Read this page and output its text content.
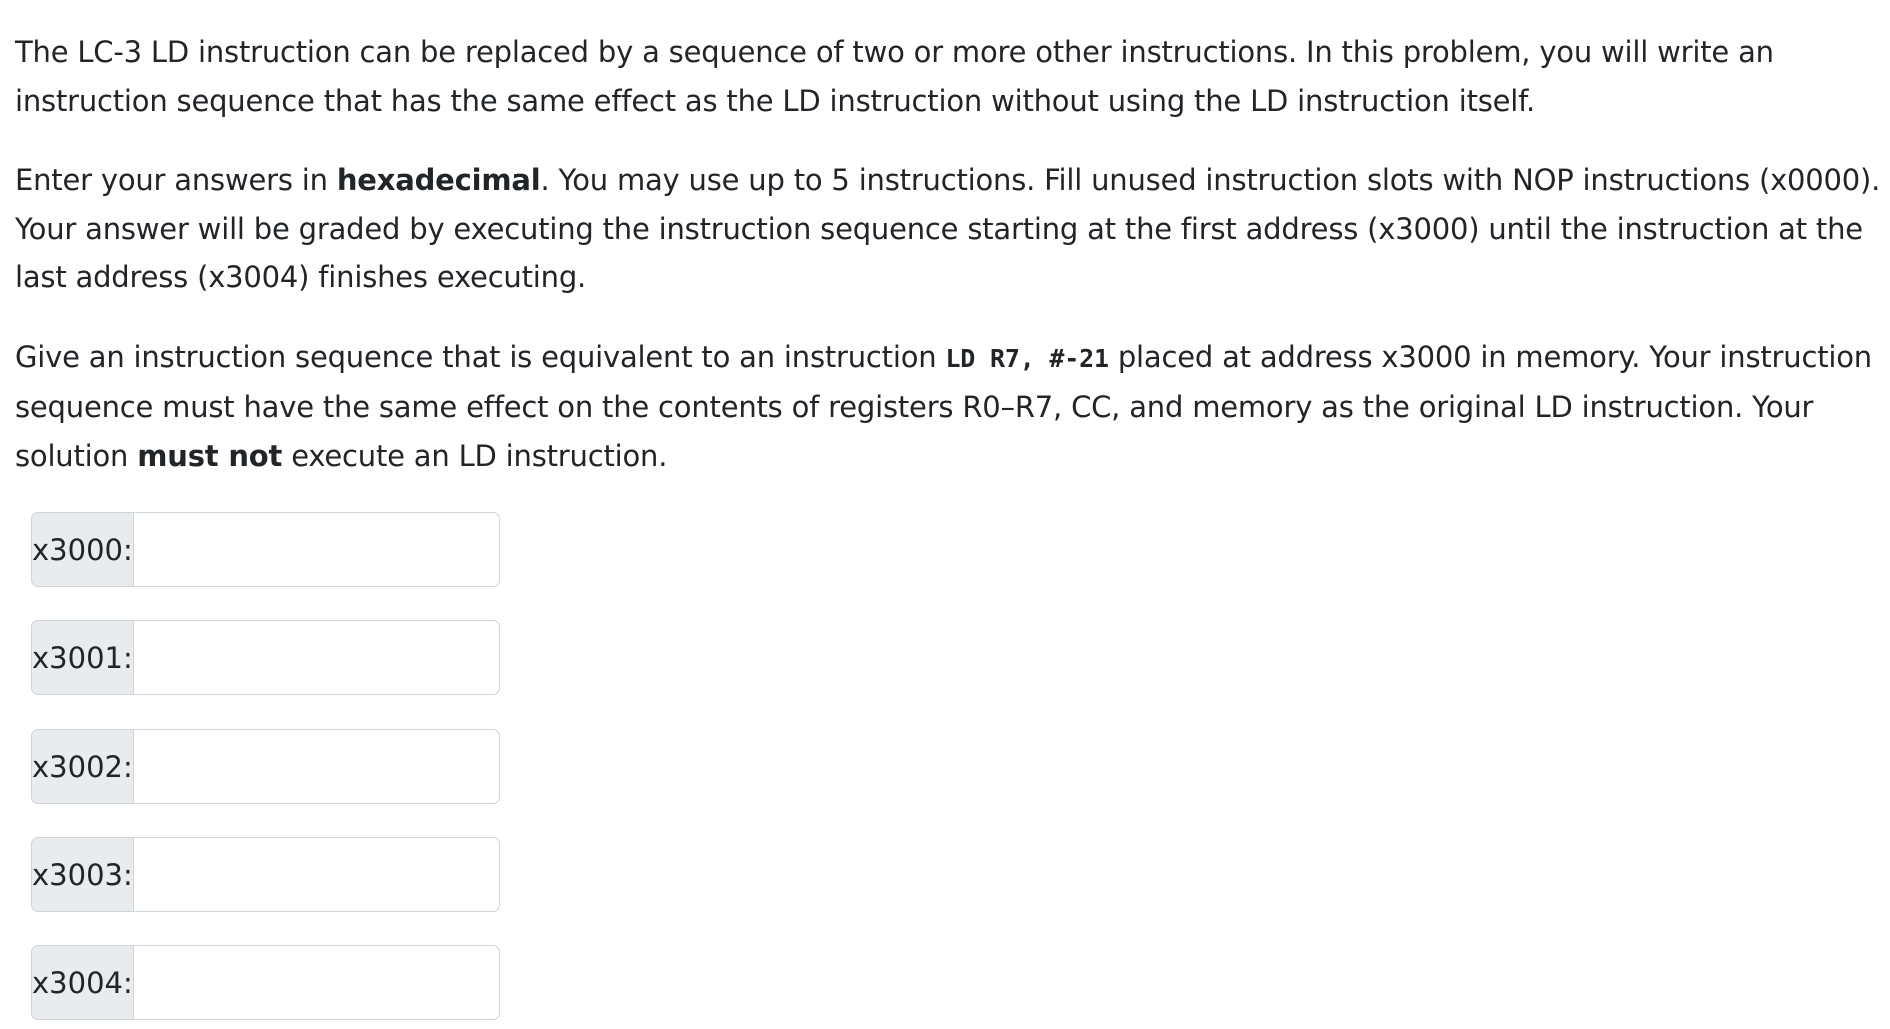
The LC-3 LD instruction can be replaced by a sequence of two or more other instructions. In this problem, you will write an instruction sequence that has the same effect as the LD instruction without using the LD instruction itself.

Enter your answers in hexadecimal. You may use up to 5 instructions. Fill unused instruction slots with NOP instructions (x0000). Your answer will be graded by executing the instruction sequence starting at the first address (x3000) until the instruction at the last address (x3004) finishes executing.

Give an instruction sequence that is equivalent to an instruction LD R7, #-21 placed at address x3000 in memory. Your instruction sequence must have the same effect on the contents of registers R0–R7, CC, and memory as the original LD instruction. Your solution must not execute an LD instruction.

x3000:
x3001:
x3002:
x3003:
x3004:
